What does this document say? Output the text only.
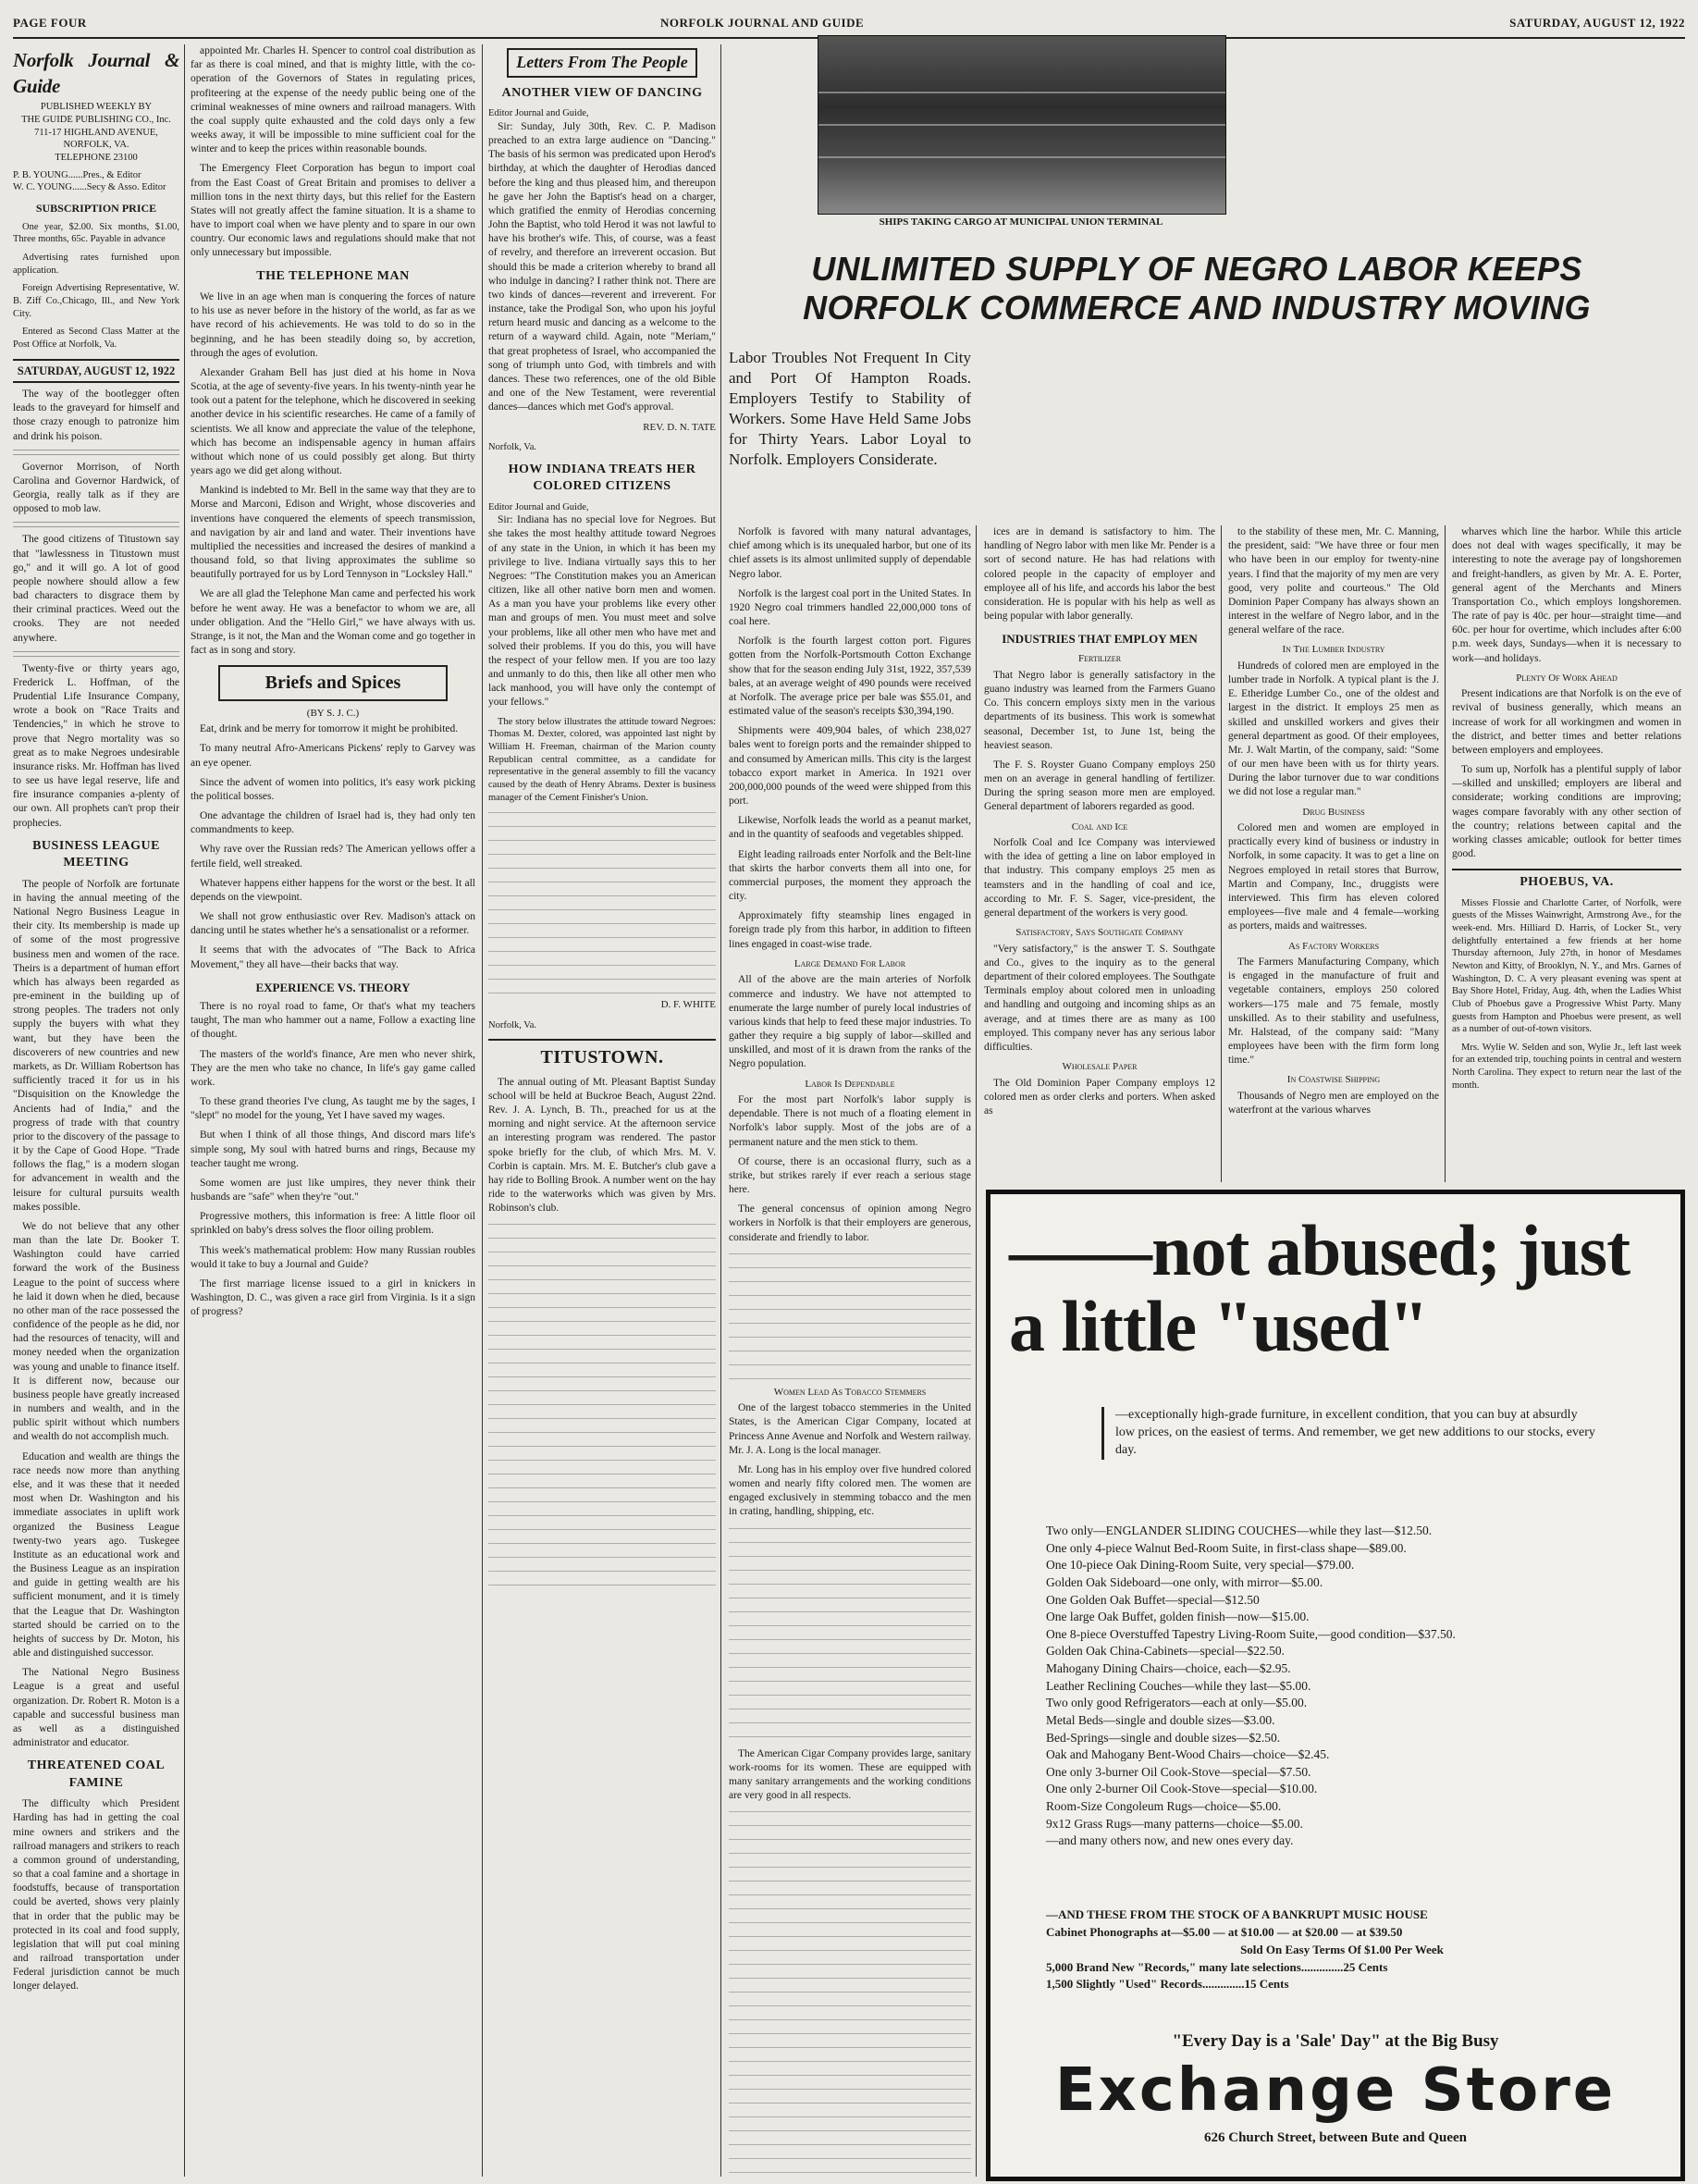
PAGE FOUR	NORFOLK JOURNAL AND GUIDE	SATURDAY, AUGUST 12, 1922
Norfolk Journal & Guide
PUBLISHED WEEKLY BY
THE GUIDE PUBLISHING CO., Inc.
711-17 HIGHLAND AVENUE,
NORFOLK, VA.
TELEPHONE 23100
P. B. YOUNG......Pres., & Editor
W. C. YOUNG......Secy & Asso. Editor
SUBSCRIPTION PRICE

One year, $2.00. Six months, $1.00, Three months, 65c. Payable in advance

Advertising rates furnished upon application.

Foreign Advertising Representative, W. B. Ziff Co.,Chicago, Ill., and New York City.

Entered as Second Class Matter at the Post Office at Norfolk, Va.

SATURDAY, AUGUST 12, 1922

The way of the bootlegger often leads to the graveyard for himself and those crazy enough to patronize him and drink his poison.

Governor Morrison, of North Carolina and Governor Hardwick, of Georgia, really talk as if they are opposed to mob law.

The good citizens of Titustown say that "lawlessness in Titustown must go," and it will go. A lot of good people nowhere should allow a few bad characters to disgrace them by their criminal practices. Weed out the crooks. They are not needed anywhere.

Twenty-five or thirty years ago, Frederick L. Hoffman, of the Prudential Life Insurance Company, wrote a book on "Race Traits and Tendencies," in which he strove to prove that Negro mortality was so great as to make Negroes undesirable insurance risks. Mr. Hoffman has lived to see us have legal reserve, life and fire insurance companies a-plenty of our own. All prophets can't prop their prophecies.

BUSINESS LEAGUE MEETING

The people of Norfolk are fortunate in having the annual meeting of the National Negro Business League in their city. Its membership is made up of some of the most progressive business men and women of the race. Theirs is a department of human effort which has always been regarded as pre-eminent in the building up of strong peoples. The traders not only supply the buyers with what they want, but they have been the discoverers of new countries and new markets, as Dr. William Robertson has sufficiently traced it for us in his "Disquisition on the Knowledge the Ancients had of India," and the progress of trade with that country prior to the discovery of the passage to it by the Cape of Good Hope. "Trade follows the flag," is a modern slogan for advancement in wealth and the leisure for cultural pursuits wealth makes possible.

We do not believe that any other man than the late Dr. Booker T. Washington could have carried forward the work of the Business League to the point of success where he laid it down when he died, because no other man of the race possessed the confidence of the people as he did, nor had the resources of tenacity, will and money needed when the organization was young and unable to finance itself. It is different now, because our business people have greatly increased in numbers and wealth, and in the public spirit without which numbers and wealth do not accomplish much.

Education and wealth are things the race needs now more than anything else, and it was these that it needed most when Dr. Washington and his immediate associates in uplift work organized the Business League twenty-two years ago. Tuskegee Institute as an educational work and the Business League as an inspiration and guide in getting wealth are his sufficient monument, and it is timely that the League that Dr. Washington started should be carried on to the heights of success by Dr. Moton, his able and distinguished successor.

The National Negro Business League is a great and useful organization. Dr. Robert R. Moton is a capable and successful business man as well as a distinguished administrator and educator.

THREATENED COAL FAMINE

The difficulty which President Harding has had in getting the coal mine owners and strikers and the railroad managers and strikers to reach a common ground of understanding, so that a coal famine and a shortage in foodstuffs, because of transportation could be averted, shows very plainly that in order that the public may be protected in its coal and food supply, legislation that will put coal mining and railroad transportation under Federal jurisdiction cannot be much longer delayed.

appointed Mr. Charles H. Spencer to control coal distribution as far as there is coal mined, and that is mighty little, with the co-operation of the Governors of States in regulating prices, profiteering at the expense of the needy public being one of the criminal weaknesses of mine owners and railroad managers. With the coal supply quite exhausted and the cold days only a few weeks away, it will be impossible to mine sufficient coal for the winter and to keep the prices within reasonable bounds.

The Emergency Fleet Corporation has begun to import coal from the East Coast of Great Britain and promises to deliver a million tons in the next thirty days, but this relief for the Eastern States will not greatly affect the famine situation. It is a shame to have to import coal when we have plenty and to spare in our own country. Our economic laws and regulations should make that not only unnecessary but impossible.

THE TELEPHONE MAN

We live in an age when man is conquering the forces of nature to his use as never before in the history of the world, as far as we have record of his achievements. He was told to do so in the beginning, and he has been steadily doing so, by accretion, through the ages of evolution.

Alexander Graham Bell has just died at his home in Nova Scotia, at the age of seventy-five years. In his twenty-ninth year he took out a patent for the telephone, which he discovered in seeking another device in his scientific researches. He came of a family of scientists. We all know and appreciate the value of the telephone, which has become an indispensable agency in human affairs without which none of us could possibly get along. But thirty years ago we did get along without.

Mankind is indebted to Mr. Bell in the same way that they are to Morse and Marconi, Edison and Wright, whose discoveries and inventions have conquered the elements of speech transmission, and navigation by air and land and water. Their inventions have multiplied the necessities and increased the desires of mankind a thousand fold, so that living approximates the sublime so beautifully portrayed for us by Lord Tennyson in "Locksley Hall."

We are all glad the Telephone Man came and perfected his work before he went away. He was a benefactor to whom we are, all under obligation. And the "Hello Girl," we have always with us. Strange, is it not, the Man and the Woman come and go together in fact as in song and story.

Briefs and Spices
(BY S. J. C.)

Eat, drink and be merry for tomorrow it might be prohibited.

To many neutral Afro-Americans Pickens' reply to Garvey was an eye opener.

Since the advent of women into politics, it's easy work picking the political bosses.

One advantage the children of Israel had is, they had only ten commandments to keep.

Why rave over the Russian reds? The American yellows offer a fertile field, well streaked.

Whatever happens either happens for the worst or the best. It all depends on the viewpoint.

We shall not grow enthusiastic over Rev. Madison's attack on dancing until he states whether he's a sensationalist or a reformer.

It seems that with the advocates of "The Back to Africa Movement," they all have—their backs that way.

EXPERIENCE VS. THEORY

There is no royal road to fame, Or that's what my teachers taught, The man who hammer out a name, Follow a exacting line of thought.

The masters of the world's finance, Are men who never shirk, They are the men who take no chance, In life's gay game called work.

To these grand theories I've clung, As taught me by the sages, I "slept" no model for the young, Yet I have saved my wages.

But when I think of all those things, And discord mars life's simple song, My soul with hatred burns and rings, Because my teacher taught me wrong.

Some women are just like umpires, they never think their husbands are "safe" when they're "out."

Progressive mothers, this information is free: A little floor oil sprinkled on baby's dress solves the floor oiling problem.

This week's mathematical problem: How many Russian roubles would it take to buy a Journal and Guide?

The first marriage license issued to a girl in knickers in Washington, D. C., was given a race girl from Virginia. Is it a sign of progress?

Letters From The People
ANOTHER VIEW OF DANCING
Editor Journal and Guide,

Sir: Sunday, July 30th, Rev. C. P. Madison preached to an extra large audience on "Dancing." The basis of his sermon was predicated upon Herod's birthday, at which the daughter of Herodias danced before the king and thus pleased him, and thereupon he gave her John the Baptist's head on a charger, which gratified the enmity of Herodias concerning John the Baptist, who told Herod it was not lawful to have his brother's wife. This, of course, was a feast of revelry, and therefore an irreverent occasion. But should this be made a criterion whereby to brand all who indulge in dancing? I rather think not. There are two kinds of dances—reverent and irreverent. For instance, take the Prodigal Son, who upon his joyful return heard music and dancing as a welcome to the return of a wayward child. Again, note "Meriam," that great prophetess of Israel, who accompanied the song of triumph unto God, with timbrels and with dances. These two references, one of the old Bible and one of the New Testament, were reverential dances—dances which met God's approval.

REV. D. N. TATE
Norfolk, Va.
HOW INDIANA TREATS HER COLORED CITIZENS
Editor Journal and Guide,

Sir: Indiana has no special love for Negroes. But she takes the most healthy attitude toward Negroes of any state in the Union, in which it has been my privilege to live. Indiana virtually says this to her Negroes: "The Constitution makes you an American citizen, like all other native born men and women. As a man you have your problems like every other man and groups of men. You must meet and solve your problems, like all other men who have met and solved their problems. If you do this, you will have the respect of your fellow men. If you are too lazy and unmanly to do this, then like all other men who lack manhood, you will have only the contempt of your fellows."

The story below illustrates the attitude toward Negroes: Thomas M. Dexter, colored, was appointed last night by William H. Freeman, chairman of the Marion county Republican central committee, as a candidate for representative in the general assembly to fill the vacancy caused by the death of Henry Abrams. Dexter is business manager of the Cement Finisher's Union.

D. F. WHITE
Norfolk, Va.
TITUSTOWN.

The annual outing of Mt. Pleasant Baptist Sunday school will be held at Buckroe Beach, August 22nd. Rev. J. A. Lynch, B. Th., preached for us at the morning and night service. At the afternoon service an interesting program was rendered. The pastor spoke briefly for the club, of which Mrs. M. V. Corbin is captain. Mrs. M. E. Butcher's club gave a hay ride to Bolling Brook. A number went on the hay ride to the waterworks which was given by Mrs. Robinson's club.

SHIPS TAKING CARGO AT MUNICIPAL UNION TERMINAL
UNLIMITED SUPPLY OF NEGRO LABOR KEEPS NORFOLK COMMERCE AND INDUSTRY MOVING
Labor Troubles Not Frequent In City and Port Of Hampton Roads. Employers Testify to Stability of Workers. Some Have Held Same Jobs for Thirty Years. Labor Loyal to Norfolk. Employers Considerate.

Norfolk is favored with many natural advantages, chief among which is its unequaled harbor, but one of its chief assets is its almost unlimited supply of dependable Negro labor.

Norfolk is the largest coal port in the United States. In 1920 Negro coal trimmers handled 22,000,000 tons of coal here.

Norfolk is the fourth largest cotton port. Figures gotten from the Norfolk-Portsmouth Cotton Exchange show that for the season ending July 31st, 1922, 357,539 bales, at an average weight of 490 pounds were received at Norfolk. The average price per bale was $55.01, and estimated value of the season's receipts $30,394,190.

Shipments were 409,904 bales, of which 238,027 bales went to foreign ports and the remainder shipped to and consumed by American mills. This city is the largest tobacco export market in America. In 1921 over 200,000,000 pounds of the weed were shipped from this port.

Likewise, Norfolk leads the world as a peanut market, and in the quantity of seafoods and vegetables shipped.

Eight leading railroads enter Norfolk and the Belt-line that skirts the harbor converts them all into one, for commercial purposes, the moment they approach the city.

Approximately fifty steamship lines engaged in foreign trade ply from this harbor, in addition to fifteen lines engaged in coast-wise trade.

Large Demand For Labor

All of the above are the main arteries of Norfolk commerce and industry. We have not attempted to enumerate the large number of purely local industries of various kinds that help to feed these major industries. To gather they require a big supply of labor—skilled and unskilled, and most of it is drawn from the ranks of the Negro population.

Labor Is Dependable

For the most part Norfolk's labor supply is dependable. There is not much of a floating element in Norfolk's labor supply. Most of the jobs are of a permanent nature and the men stick to them.

Of course, there is an occasional flurry, such as a strike, but strikes rarely if ever reach a serious stage here.

The general concensus of opinion among Negro workers in Norfolk is that their employers are generous, considerate and friendly to labor.

Women Lead As Tobacco Stemmers

One of the largest tobacco stemmeries in the United States, is the American Cigar Company, located at Princess Anne Avenue and Norfolk and Western railway. Mr. J. A. Long is the local manager.

Mr. Long has in his employ over five hundred colored women and nearly fifty colored men. The women are engaged exclusively in stemming tobacco and the men in crating, handling, shipping, etc.

The American Cigar Company provides large, sanitary work-rooms for its women. These are equipped with many sanitary arrangements and the working conditions are very good in all respects.

ices are in demand is satisfactory to him. The handling of Negro labor with men like Mr. Pender is a sort of second nature. He has had relations with colored people in the capacity of employer and employee all of his life, and accords his labor the best consideration. He is popular with his help as well as being popular with labor generally.

INDUSTRIES THAT EMPLOY MEN
Fertilizer

That Negro labor is generally satisfactory in the guano industry was learned from the Farmers Guano Co. This concern employs sixty men in the various departments of its business. This work is somewhat seasonal, December 1st, to June 1st, being the heaviest season.

The F. S. Royster Guano Company employs 250 men on an average in general handling of fertilizer. During the spring season more men are employed. General department of laborers regarded as good.

Coal and Ice

Norfolk Coal and Ice Company was interviewed with the idea of getting a line on labor employed in that industry. This company employs 25 men as teamsters and in the handling of coal and ice, according to Mr. F. S. Sager, vice-president, the general department of the workers is very good.

Satisfactory, Says Southgate Company

"Very satisfactory," is the answer T. S. Southgate and Co., gives to the inquiry as to the general department of their colored employees. The Southgate Terminals employ about colored men in unloading and handling and outgoing and incoming ships as an average, and at times there are as many as 100 employed. This company never has any serious labor difficulties.

Wholesale Paper

The Old Dominion Paper Company employs 12 colored men as order clerks and porters. When asked as

to the stability of these men, Mr. C. Manning, the president, said: "We have three or four men who have been in our employ for twenty-nine years. I find that the majority of my men are very good, very polite and courteous." The Old Dominion Paper Company has always shown an interest in the welfare of Negro labor, and in the general welfare of the race.

In The Lumber Industry

Hundreds of colored men are employed in the lumber trade in Norfolk. A typical plant is the J. E. Etheridge Lumber Co., one of the oldest and largest in the district. It employs 25 men as skilled and unskilled workers and gives their general department as good. Of their employees, Mr. J. Walt Martin, of the company, said: "Some of our men have been with us for thirty years. During the labor turnover due to war conditions we did not lose a regular man."

Drug Business

Colored men and women are employed in practically every kind of business or industry in Norfolk, in some capacity. It was to get a line on Negroes employed in retail stores that Burrow, Martin and Company, Inc., druggists were interviewed. This firm has eleven colored employees—five male and 4 female—working as porters, maids and waitresses.

As Factory Workers

The Farmers Manufacturing Company, which is engaged in the manufacture of fruit and vegetable containers, employs 250 colored workers—175 male and 75 female, mostly unskilled. As to their stability and usefulness, Mr. Halstead, of the company said: "Many employees have been with the firm form long time."

In Coastwise Shipping

Thousands of Negro men are employed on the waterfront at the various wharves

wharves which line the harbor. While this article does not deal with wages specifically, it may be interesting to note the average pay of longshoremen and freight-handlers, as given by Mr. A. E. Porter, general agent of the Merchants and Miners Transportation Co., which employs longshoremen. The rate of pay is 40c. per hour—straight time—and 60c. per hour for overtime, which includes after 6:00 p.m. week days, Sundays—when it is necessary to work—and holidays.

Plenty Of Work Ahead

Present indications are that Norfolk is on the eve of revival of business generally, which means an increase of work for all workingmen and women in the district, and better times and better relations between employers and employees.

To sum up, Norfolk has a plentiful supply of labor—skilled and unskilled; employers are liberal and considerate; working conditions are improving; wages compare favorably with any other section of the country; relations between capital and the working classes amicable; outlook for better times good.

PHOEBUS, VA.

Misses Flossie and Charlotte Carter, of Norfolk, were guests of the Misses Wainwright, Armstrong Ave., for the week-end. Mrs. Hilliard D. Harris, of Locker St., very delightfully entertained a few friends at her home Thursday afternoon, July 27th, in honor of Mesdames Newton and Kitty, of Brooklyn, N. Y., and Mrs. Garnes of Washington, D. C. A very pleasant evening was spent at Bay Shore Hotel, Friday, Aug. 4th, when the Ladies Whist Club of Phoebus gave a Progressive Whist Party. Many guests from Hampton and Phoebus were present, as well as a number of out-of-town visitors.

Mrs. Wylie W. Selden and son, Wylie Jr., left last week for an extended trip, touching points in central and western North Carolina. They expect to return near the last of the month.

——not abused; just a little "used"
—exceptionally high-grade furniture, in excellent condition, that you can buy at absurdly low prices, on the easiest of terms. And remember, we get new additions to our stocks, every day.
Two only—ENGLANDER SLIDING COUCHES—while they last—$12.50.
One only 4-piece Walnut Bed-Room Suite, in first-class shape—$89.00.
One 10-piece Oak Dining-Room Suite, very special—$79.00.
Golden Oak Sideboard—one only, with mirror—$5.00.
One Golden Oak Buffet—special—$12.50
One large Oak Buffet, golden finish—now—$15.00.
One 8-piece Overstuffed Tapestry Living-Room Suite,—good condition—$37.50.
Golden Oak China-Cabinets—special—$22.50.
Mahogany Dining Chairs—choice, each—$2.95.
Leather Reclining Couches—while they last—$5.00.
Two only good Refrigerators—each at only—$5.00.
Metal Beds—single and double sizes—$3.00.
Bed-Springs—single and double sizes—$2.50.
Oak and Mahogany Bent-Wood Chairs—choice—$2.45.
One only 3-burner Oil Cook-Stove—special—$7.50.
One only 2-burner Oil Cook-Stove—special—$10.00.
Room-Size Congoleum Rugs—choice—$5.00.
9x12 Grass Rugs—many patterns—choice—$5.00.
—and many others now, and new ones every day.
—AND THESE FROM THE STOCK OF A BANKRUPT MUSIC HOUSE
Cabinet Phonographs at—$5.00 — at $10.00 — at $20.00 — at $39.50
Sold On Easy Terms Of $1.00 Per Week
5,000 Brand New "Records," many late selections..............25 Cents
1,500 Slightly "Used" Records..............15 Cents
"Every Day is a 'Sale' Day" at the Big Busy
Exchange Store
626 Church Street, between Bute and Queen
